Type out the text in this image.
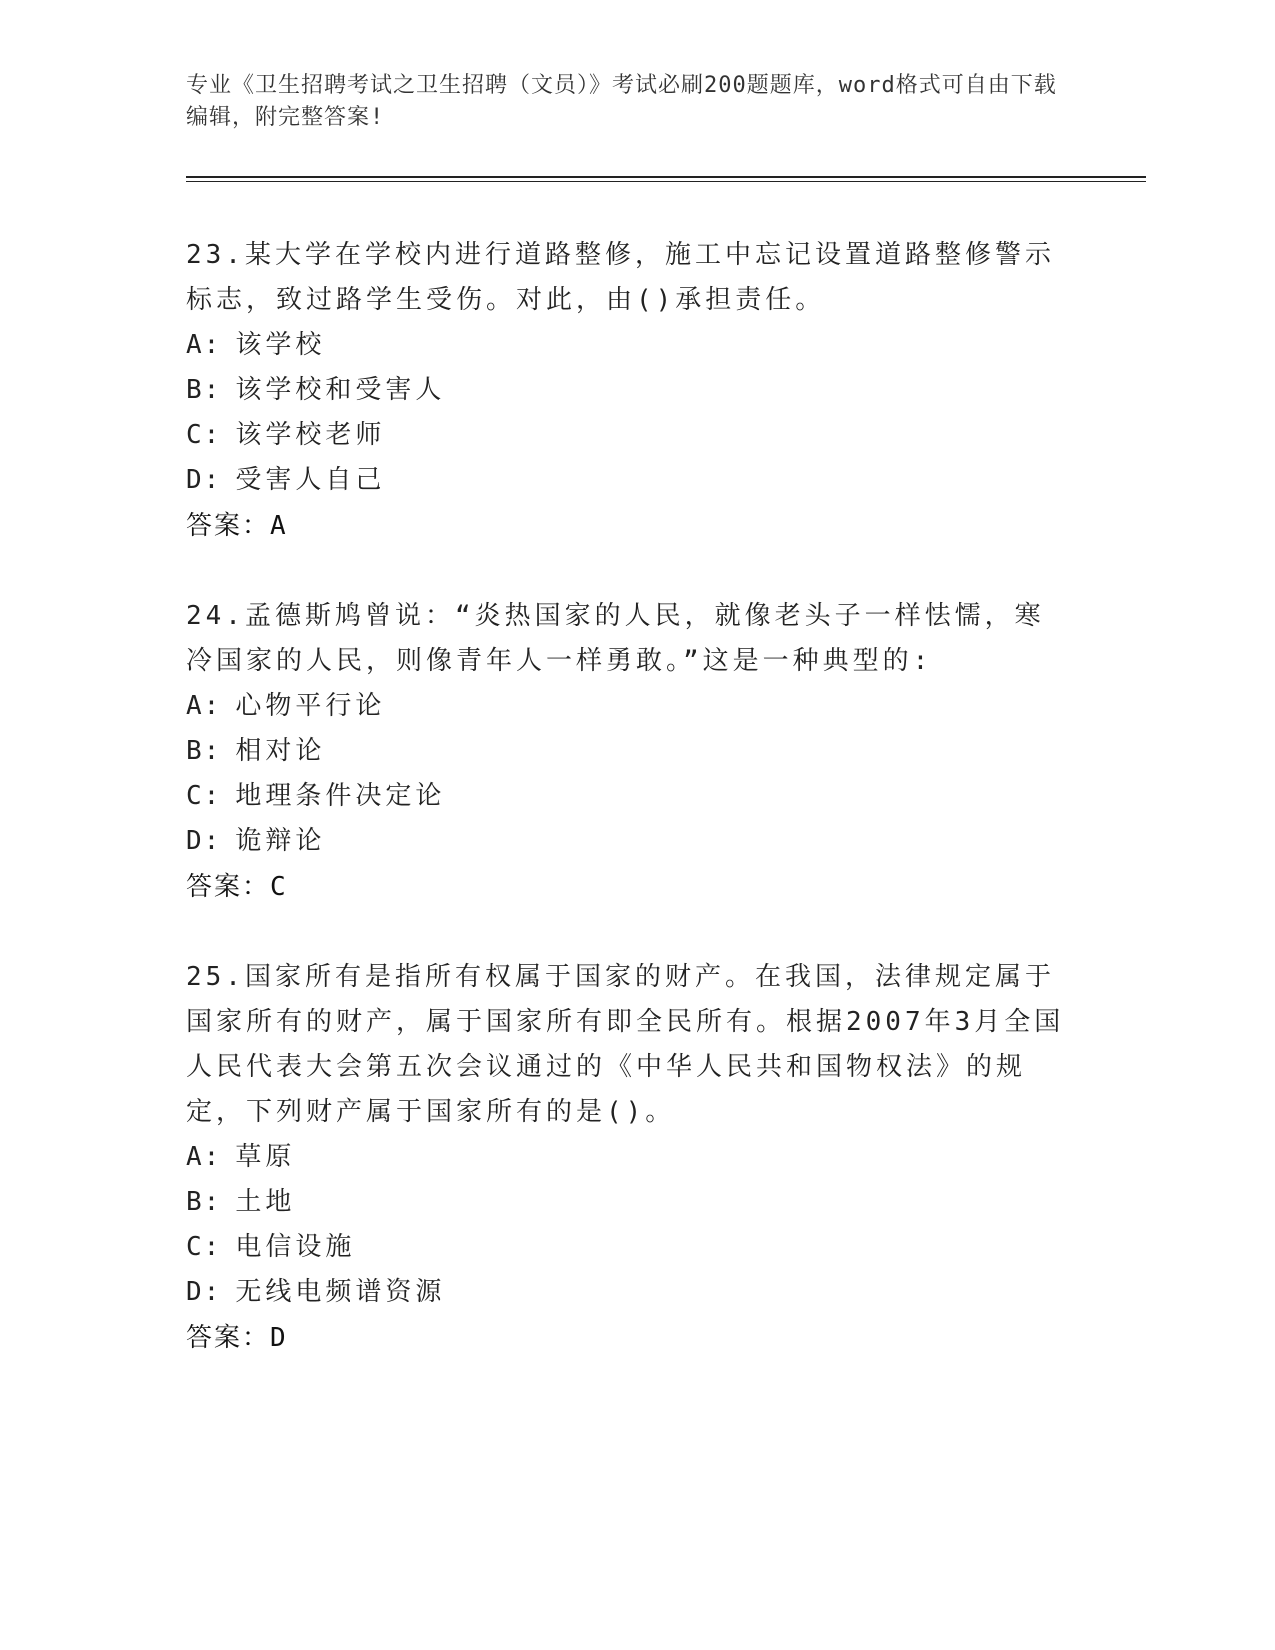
专业《卫生招聘考试之卫生招聘（文员）》考试必刷200题题库，word格式可自由下载编辑，附完整答案!

23.某大学在学校内进行道路整修，施工中忘记设置道路整修警示标志，致过路学生受伤。对此，由()承担责任。

A: 该学校

B: 该学校和受害人

C: 该学校老师

D: 受害人自己

答案：A

24.孟德斯鸠曾说：“炎热国家的人民，就像老头子一样怯懦，寒冷国家的人民，则像青年人一样勇敢。”这是一种典型的:

A: 心物平行论

B: 相对论

C: 地理条件决定论

D: 诡辩论

答案：C

25.国家所有是指所有权属于国家的财产。在我国，法律规定属于国家所有的财产，属于国家所有即全民所有。根据2007年3月全国人民代表大会第五次会议通过的《中华人民共和国物权法》的规定，下列财产属于国家所有的是()。

A: 草原

B: 土地

C: 电信设施

D: 无线电频谱资源

答案：D
